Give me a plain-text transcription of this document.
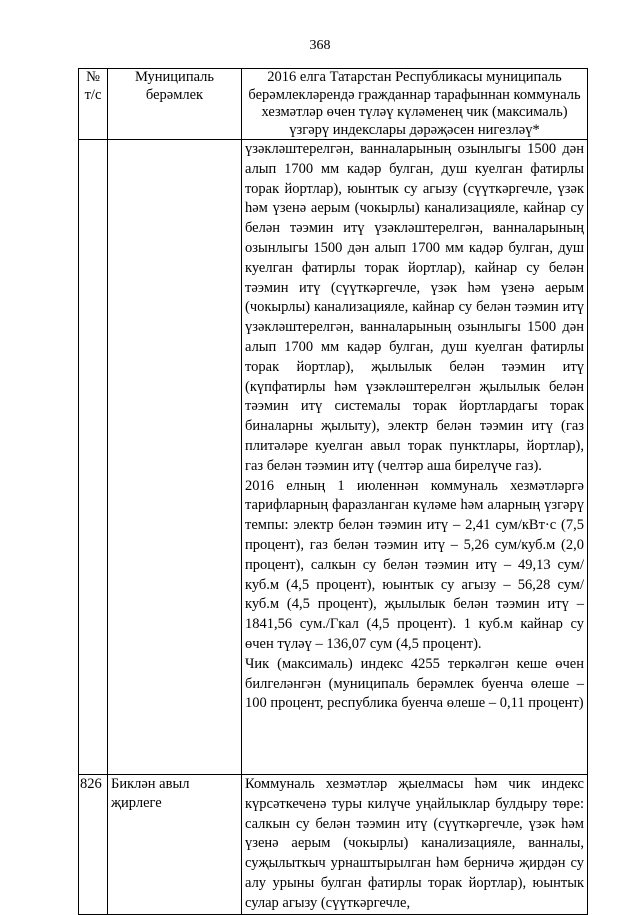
368
№ т/с	Муниципаль берәмлек	2016 елга Татарстан Республикасы муниципаль берәмлекләрендә гражданнар тарафыннан коммуналь хезмәтләр өчен түләү күләменең чик (максималь) үзгәрү индекслары дәрәҗәсен нигезләү*

		үзәкләштерелгән, ванналарының озынлыгы 1500 дән алып 1700 мм кадәр булган, душ куелган фатирлы торак йортлар), юынтык су агызу (сүүткәргечле, үзәк һәм үзенә аерым (чокырлы) канализацияле, кайнар су белән тәэмин итү үзәкләштерелгән, ванналарының озынлыгы 1500 дән алып 1700 мм кадәр булган, душ куелган фатирлы торак йортлар), кайнар су белән тәэмин итү (сүүткәргечле, үзәк һәм үзенә аерым (чокырлы) канализацияле, кайнар су белән тәэмин итү үзәкләштерелгән, ванналарының озынлыгы 1500 дән алып 1700 мм кадәр булган, душ куелган фатирлы торак йортлар), җылылык белән тәэмин итү (күпфатирлы һәм үзәкләштерелгән җылылык белән тәэмин итү системалы торак йортлардагы торак биналарны җылыту), электр белән тәэмин итү (газ плитәләре куелган авыл торак пунктлары, йортлар), газ белән тәэмин итү (челтәр аша бирелүче газ).

2016 елның 1 июленнән коммуналь хезмәтләргә тарифларның фаразланган күләме һәм аларның үзгәрү темпы: электр белән тәэмин итү – 2,41 сум/кВт·с (7,5 процент), газ белән тәэмин итү – 5,26 сум/куб.м (2,0 процент), салкын су белән тәэмин итү – 49,13 сум/куб.м (4,5 процент), юынтык су агызу – 56,28 сум/куб.м (4,5 процент), җылылык белән тәэмин итү – 1841,56 сум./Гкал (4,5 процент). 1 куб.м кайнар су өчен түләү – 136,07 сум (4,5 процент).

Чик (максималь) индекс 4255 теркәлгән кеше өчен билгеләнгән (муниципаль берәмлек буенча өлеше – 100 процент, республика буенча өлеше – 0,11 процент)

826	Биклән авыл җирлеге	Коммуналь хезмәтләр җыелмасы һәм чик индекс күрсәткеченә туры килүче уңайлыклар булдыру төре: салкын су белән тәэмин итү (сүүткәргечле, үзәк һәм үзенә аерым (чокырлы) канализацияле, ванналы, суҗылыткыч урнаштырылган һәм берничә җирдән су алу урыны булган фатирлы торак йортлар), юынтык сулар агызу (сүүткәргечле,
